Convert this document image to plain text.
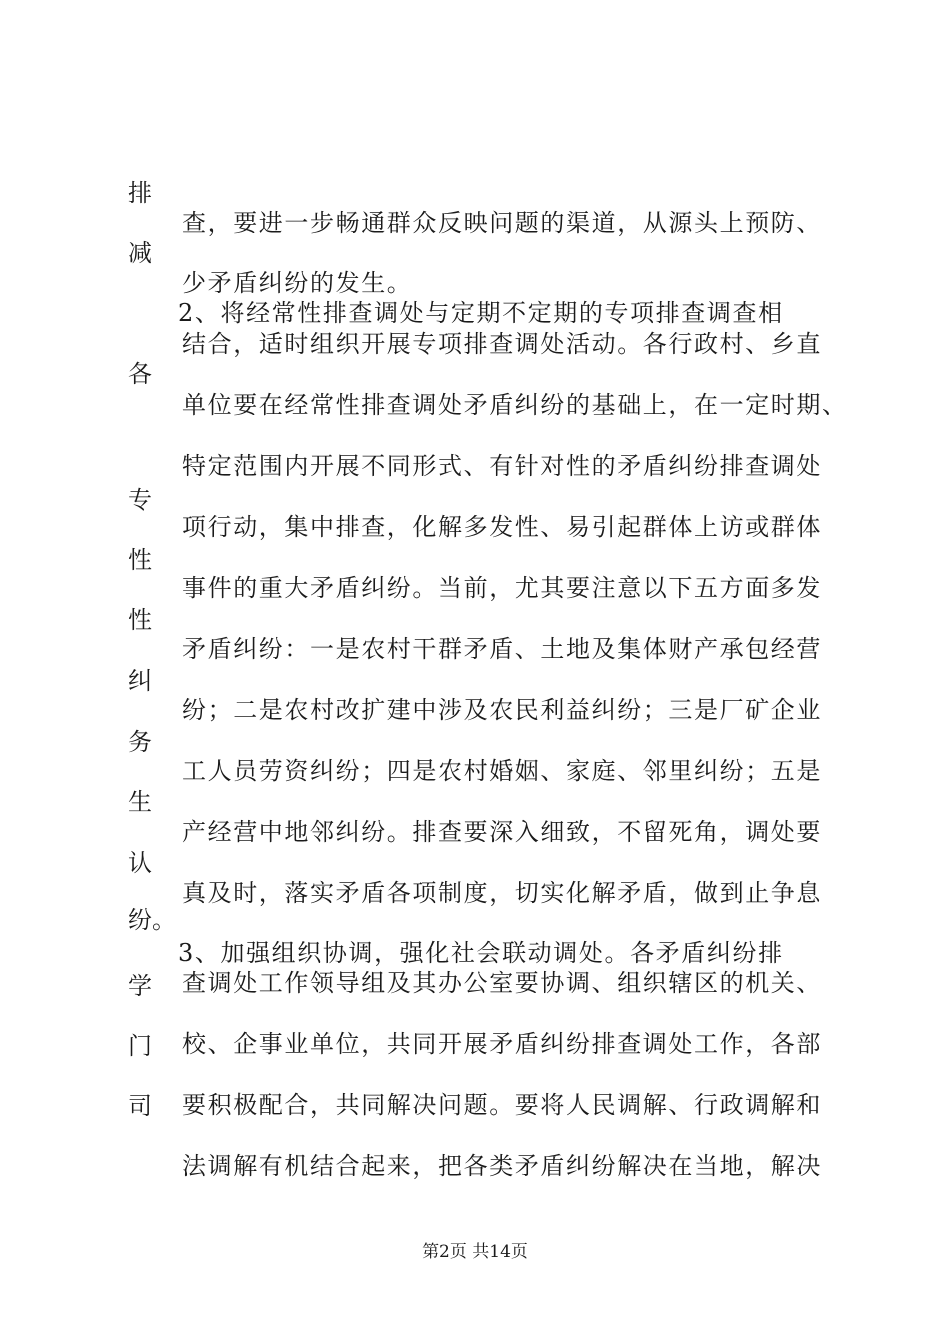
排
减
各
专
性
性
纠
务
生
认
纷。
学
门
司
查，要进一步畅通群众反映问题的渠道，从源头上预防、
少矛盾纠纷的发生。
2、将经常性排查调处与定期不定期的专项排查调查相
结合，适时组织开展专项排查调处活动。各行政村、乡直
单位要在经常性排查调处矛盾纠纷的基础上，在一定时期、
特定范围内开展不同形式、有针对性的矛盾纠纷排查调处
项行动，集中排查，化解多发性、易引起群体上访或群体
事件的重大矛盾纠纷。当前，尤其要注意以下五方面多发
矛盾纠纷：一是农村干群矛盾、土地及集体财产承包经营
纷；二是农村改扩建中涉及农民利益纠纷；三是厂矿企业
工人员劳资纠纷；四是农村婚姻、家庭、邻里纠纷；五是
产经营中地邻纠纷。排查要深入细致，不留死角，调处要
真及时，落实矛盾各项制度，切实化解矛盾，做到止争息
3、加强组织协调，强化社会联动调处。各矛盾纠纷排
查调处工作领导组及其办公室要协调、组织辖区的机关、
校、企事业单位，共同开展矛盾纠纷排查调处工作，各部
要积极配合，共同解决问题。要将人民调解、行政调解和
法调解有机结合起来，把各类矛盾纠纷解决在当地，解决
第2页 共14页
